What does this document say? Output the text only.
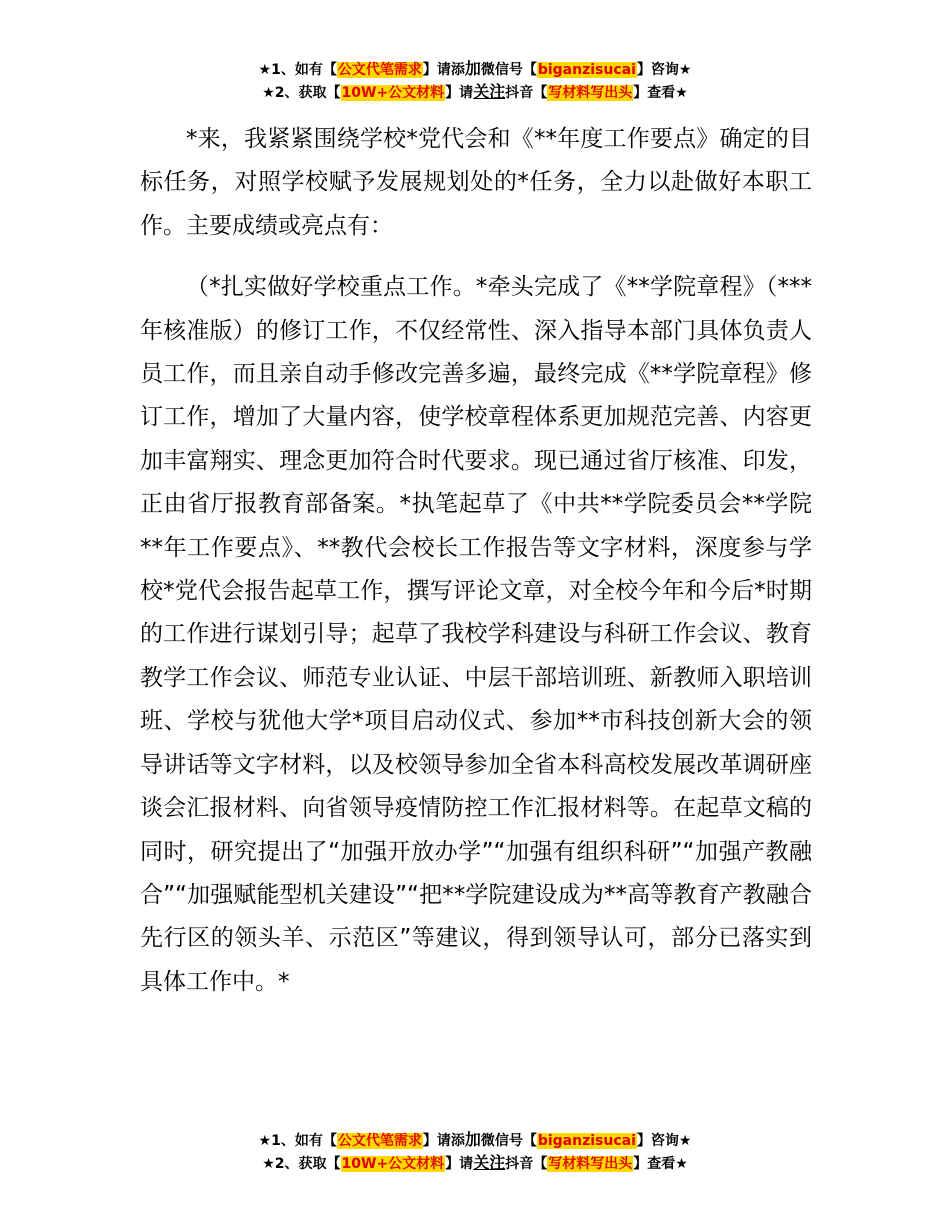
★1、如有【公文代笔需求】请添加微信号【biganzisucai】咨询★
★2、获取【10W+公文材料】请关注抖音【写材料写出头】查看★

*来，我紧紧围绕学校*党代会和《**年度工作要点》确定的目标任务，对照学校赋予发展规划处的*任务，全力以赴做好本职工作。主要成绩或亮点有：

（*扎实做好学校重点工作。*牵头完成了《**学院章程》（***年核准版）的修订工作，不仅经常性、深入指导本部门具体负责人员工作，而且亲自动手修改完善多遍，最终完成《**学院章程》修订工作，增加了大量内容，使学校章程体系更加规范完善、内容更加丰富翔实、理念更加符合时代要求。现已通过省厅核准、印发，正由省厅报教育部备案。*执笔起草了《中共**学院委员会**学院**年工作要点》、**教代会校长工作报告等文字材料，深度参与学校*党代会报告起草工作，撰写评论文章，对全校今年和今后*时期的工作进行谋划引导；起草了我校学科建设与科研工作会议、教育教学工作会议、师范专业认证、中层干部培训班、新教师入职培训班、学校与犹他大学*项目启动仪式、参加**市科技创新大会的领导讲话等文字材料，以及校领导参加全省本科高校发展改革调研座谈会汇报材料、向省领导疫情防控工作汇报材料等。在起草文稿的同时，研究提出了“加强开放办学”“加强有组织科研”“加强产教融合”“加强赋能型机关建设”“把**学院建设成为**高等教育产教融合先行区的领头羊、示范区”等建议，得到领导认可，部分已落实到具体工作中。*

★1、如有【公文代笔需求】请添加微信号【biganzisucai】咨询★
★2、获取【10W+公文材料】请关注抖音【写材料写出头】查看★
